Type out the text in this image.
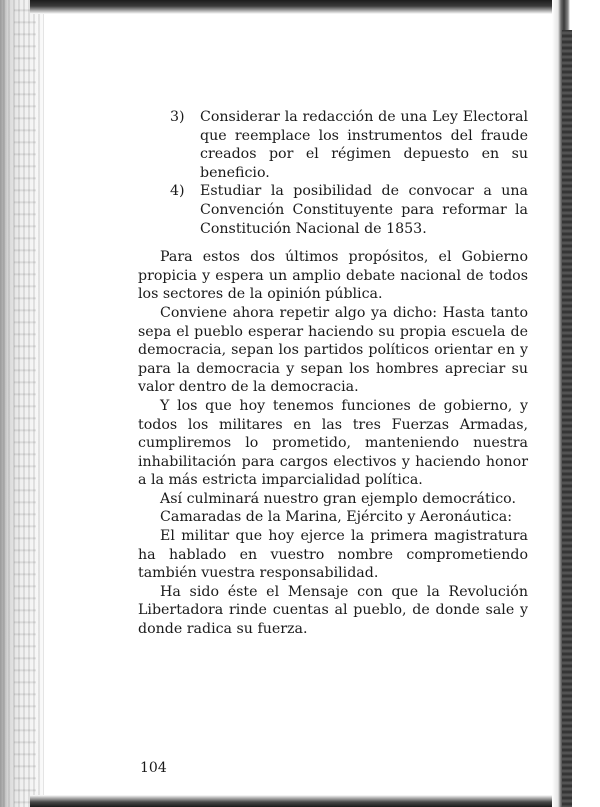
3) Considerar la redacción de una Ley Electoral que reemplace los instrumentos del fraude creados por el régimen depuesto en su beneficio.
4) Estudiar la posibilidad de convocar a una Convención Constituyente para reformar la Constitución Nacional de 1853.

Para estos dos últimos propósitos, el Gobierno propicia y espera un amplio debate nacional de todos los sectores de la opinión pública.

Conviene ahora repetir algo ya dicho: Hasta tanto sepa el pueblo esperar haciendo su propia escuela de democracia, sepan los partidos políticos orientar en y para la democracia y sepan los hombres apreciar su valor dentro de la democracia.

Y los que hoy tenemos funciones de gobierno, y todos los militares en las tres Fuerzas Armadas, cumpliremos lo prometido, manteniendo nuestra inhabilitación para cargos electivos y haciendo honor a la más estricta imparcialidad política.

Así culminará nuestro gran ejemplo democrático.

Camaradas de la Marina, Ejército y Aeronáutica:

El militar que hoy ejerce la primera magistratura ha hablado en vuestro nombre comprometiendo también vuestra responsabilidad.

Ha sido éste el Mensaje con que la Revolución Libertadora rinde cuentas al pueblo, de donde sale y donde radica su fuerza.

104
